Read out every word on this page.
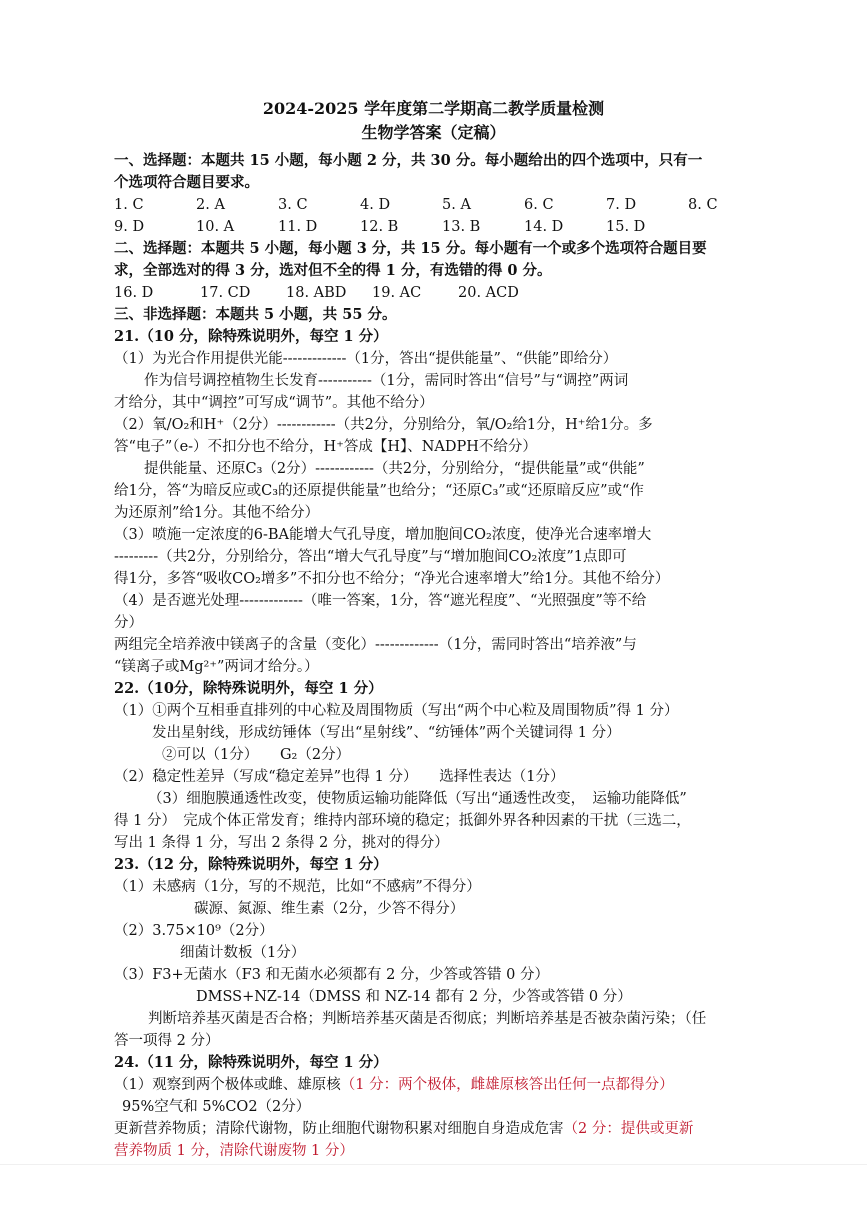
2024-2025 学年度第二学期高二教学质量检测
生物学答案（定稿）
一、选择题：本题共 15 小题，每小题 2 分，共 30 分。每小题给出的四个选项中，只有一
个选项符合题目要求。
1. C	2. A	3. C	4. D	5. A	6. C	7. D	8. C
9. D	10. A	11. D	12. B	13. B	14. D	15. D
二、选择题：本题共 5 小题，每小题 3 分，共 15 分。每小题有一个或多个选项符合题目要
求，全部选对的得 3 分，选对但不全的得 1 分，有选错的得 0 分。
16. D	17. CD 18. ABD 19. AC	20. ACD
三、非选择题：本题共 5 小题，共 55 分。
21.（10 分，除特殊说明外，每空 1 分）
（1）为光合作用提供光能-------------（1分，答出“提供能量”、“供能”即给分）
作为信号调控植物生长发育-----------（1分，需同时答出“信号”与“调控”两词
才给分，其中“调控”可写成“调节”。其他不给分）
（2）氧/O₂和H⁺（2分）------------（共2分，分别给分，氧/O₂给1分，H⁺给1分。多
答“电子”（e-）不扣分也不给分，H⁺答成【H】、NADPH不给分）
提供能量、还原C₃（2分）------------（共2分，分别给分，“提供能量”或“供能”
给1分，答“为暗反应或C₃的还原提供能量”也给分；“还原C₃”或“还原暗反应”或“作
为还原剂”给1分。其他不给分）
（3）喷施一定浓度的6-BA能增大气孔导度，增加胞间CO₂浓度，使净光合速率增大
---------（共2分，分别给分，答出“增大气孔导度”与“增加胞间CO₂浓度”1点即可
得1分，多答“吸收CO₂增多”不扣分也不给分；“净光合速率增大”给1分。其他不给分）
（4）是否遮光处理-------------（唯一答案，1分，答“遮光程度”、“光照强度”等不给
分）
两组完全培养液中镁离子的含量（变化）-------------（1分，需同时答出“培养液”与
“镁离子或Mg²⁺”两词才给分。）
22.（10分，除特殊说明外，每空 1 分）
（1）①两个互相垂直排列的中心粒及周围物质（写出“两个中心粒及周围物质”得 1 分）
发出星射线，形成纺锤体（写出“星射线”、“纺锤体”两个关键词得 1 分）
②可以（1分）　　G₂（2分）
（2）稳定性差异（写成“稳定差异”也得 1 分）　　选择性表达（1分）
（3）细胞膜通透性改变，使物质运输功能降低（写出“通透性改变，　运输功能降低”
得 1 分）　完成个体正常发育；维持内部环境的稳定；抵御外界各种因素的干扰（三选二，
写出 1 条得 1 分，写出 2 条得 2 分，挑对的得分）
23.（12 分，除特殊说明外，每空 1 分）
（1）未感病（1分，写的不规范，比如“不感病”不得分）
碳源、氮源、维生素（2分，少答不得分）
（2）3.75×10⁹（2分）
细菌计数板（1分）
（3）F3+无菌水（F3 和无菌水必须都有 2 分，少答或答错 0 分）
DMSS+NZ-14（DMSS 和 NZ-14 都有 2 分，少答或答错 0 分）
判断培养基灭菌是否合格；判断培养基灭菌是否彻底；判断培养基是否被杂菌污染；（任
答一项得 2 分）
24.（11 分，除特殊说明外，每空 1 分）
（1）观察到两个极体或雌、雄原核（1 分：两个极体，雌雄原核答出任何一点都得分）
95%空气和 5%CO2（2分）
更新营养物质；清除代谢物，防止细胞代谢物积累对细胞自身造成危害（2 分：提供或更新
营养物质 1 分，清除代谢废物 1 分）
